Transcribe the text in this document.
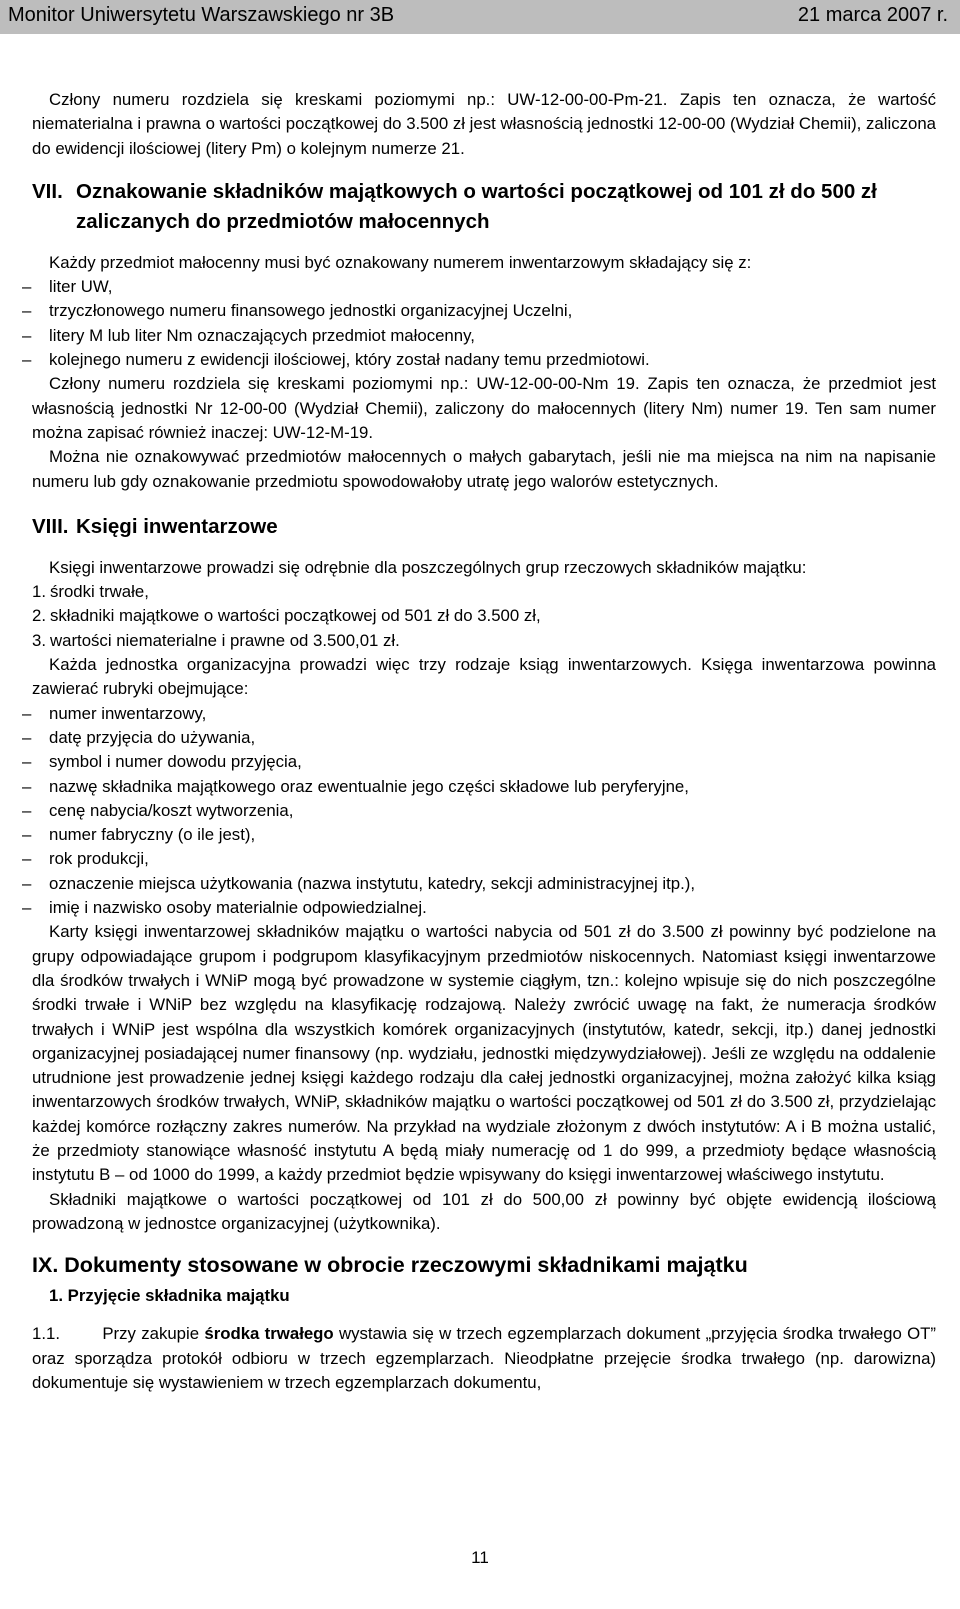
Monitor Uniwersytetu Warszawskiego nr 3B	21 marca 2007 r.

Człony numeru rozdziela się kreskami poziomymi np.: UW-12-00-00-Pm-21. Zapis ten oznacza, że wartość niematerialna i prawna o wartości początkowej do 3.500 zł jest własnością jednostki 12-00-00 (Wydział Chemii), zaliczona do ewidencji ilościowej (litery Pm) o kolejnym numerze 21.

VII. Oznakowanie składników majątkowych o wartości początkowej od 101 zł do 500 zł zaliczanych do przedmiotów małocennych

Każdy przedmiot małocenny musi być oznakowany numerem inwentarzowym składający się z:

– liter UW,

– trzyczłonowego numeru finansowego jednostki organizacyjnej Uczelni,

– litery M lub liter Nm oznaczających przedmiot małocenny,

– kolejnego numeru z ewidencji ilościowej, który został nadany temu przedmiotowi.

Człony numeru rozdziela się kreskami poziomymi np.: UW-12-00-00-Nm 19. Zapis ten oznacza, że przedmiot jest własnością jednostki Nr 12-00-00 (Wydział Chemii), zaliczony do małocennych (litery Nm) numer 19. Ten sam numer można zapisać również inaczej: UW-12-M-19.

Można nie oznakowywać przedmiotów małocennych o małych gabarytach, jeśli nie ma miejsca na nim na napisanie numeru lub gdy oznakowanie przedmiotu spowodowałoby utratę jego walorów estetycznych.

VIII. Księgi inwentarzowe

Księgi inwentarzowe prowadzi się odrębnie dla poszczególnych grup rzeczowych składników majątku:

1. środki trwałe,

2. składniki majątkowe o wartości początkowej od 501 zł do 3.500 zł,

3. wartości niematerialne i prawne od 3.500,01 zł.

Każda jednostka organizacyjna prowadzi więc trzy rodzaje ksiąg inwentarzowych. Księga inwentarzowa powinna zawierać rubryki obejmujące:

– numer inwentarzowy,

– datę przyjęcia do używania,

– symbol i numer dowodu przyjęcia,

– nazwę składnika majątkowego oraz ewentualnie jego części składowe lub peryferyjne,

– cenę nabycia/koszt wytworzenia,

– numer fabryczny (o ile jest),

– rok produkcji,

– oznaczenie miejsca użytkowania (nazwa instytutu, katedry, sekcji administracyjnej itp.),

– imię i nazwisko osoby materialnie odpowiedzialnej.

Karty księgi inwentarzowej składników majątku o wartości nabycia od 501 zł do 3.500 zł powinny być podzielone na grupy odpowiadające grupom i podgrupom klasyfikacyjnym przedmiotów niskocennych. Natomiast księgi inwentarzowe dla środków trwałych i WNiP mogą być prowadzone w systemie ciągłym, tzn.: kolejno wpisuje się do nich poszczególne środki trwałe i WNiP bez względu na klasyfikację rodzajową. Należy zwrócić uwagę na fakt, że numeracja środków trwałych i WNiP jest wspólna dla wszystkich komórek organizacyjnych (instytutów, katedr, sekcji, itp.) danej jednostki organizacyjnej posiadającej numer finansowy (np. wydziału, jednostki międzywydziałowej). Jeśli ze względu na oddalenie utrudnione jest prowadzenie jednej księgi każdego rodzaju dla całej jednostki organizacyjnej, można założyć kilka ksiąg inwentarzowych środków trwałych, WNiP, składników majątku o wartości początkowej od 501 zł do 3.500 zł, przydzielając każdej komórce rozłączny zakres numerów. Na przykład na wydziale złożonym z dwóch instytutów: A i B można ustalić, że przedmioty stanowiące własność instytutu A będą miały numerację od 1 do 999, a przedmioty będące własnością instytutu B – od 1000 do 1999, a każdy przedmiot będzie wpisywany do księgi inwentarzowej właściwego instytutu.

Składniki majątkowe o wartości początkowej od 101 zł do 500,00 zł powinny być objęte ewidencją ilościową prowadzoną w jednostce organizacyjnej (użytkownika).

IX. Dokumenty stosowane w obrocie rzeczowymi składnikami majątku

1. Przyjęcie składnika majątku

1.1.	Przy zakupie środka trwałego wystawia się w trzech egzemplarzach dokument „przyjęcia środka trwałego OT” oraz sporządza protokół odbioru w trzech egzemplarzach. Nieodpłatne przejęcie środka trwałego (np. darowizna) dokumentuje się wystawieniem w trzech egzemplarzach dokumentu,

11
